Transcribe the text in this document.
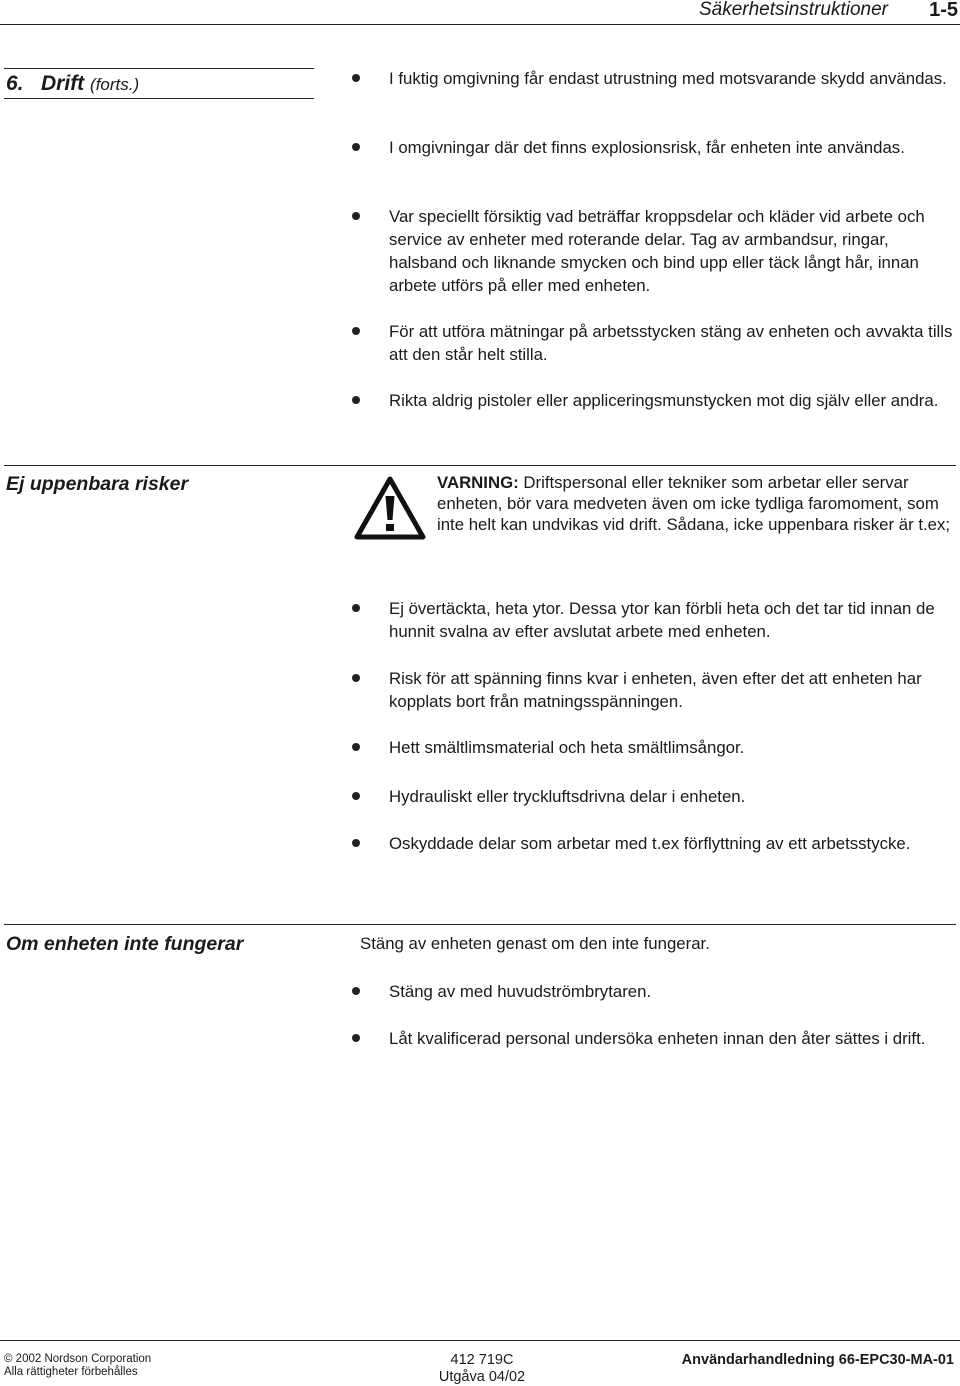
Säkerhetsinstruktioner 1-5
6.   Drift (forts.)	I fuktig omgivning får endast utrustning med motsvarande skydd användas.
I omgivningar där det finns explosionsrisk, får enheten inte användas.
Var speciellt försiktig vad beträffar kroppsdelar och kläder vid arbete och service av enheter med roterande delar. Tag av armbandsur, ringar, halsband och liknande smycken och bind upp eller täck långt hår, innan arbete utförs på eller med enheten.
För att utföra mätningar på arbetsstycken stäng av enheten och avvakta tills att den står helt stilla.
Rikta aldrig pistoler eller appliceringsmunstycken mot dig själv eller andra.
Ej uppenbara risker	VARNING: Driftspersonal eller tekniker som arbetar eller servar enheten, bör vara medveten även om icke tydliga faromoment, som inte helt kan undvikas vid drift. Sådana, icke uppenbara risker är t.ex;
Ej övertäckta, heta ytor. Dessa ytor kan förbli heta och det tar tid innan de hunnit svalna av efter avslutat arbete med enheten.
Risk för att spänning finns kvar i enheten, även efter det att enheten har kopplats bort från matningsspänningen.
Hett smältlimsmaterial och heta smältlimsångor.
Hydrauliskt eller tryckluftsdrivna delar i enheten.
Oskyddade delar som arbetar med t.ex förflyttning av ett arbetsstycke.
Om enheten inte fungerar	Stäng av enheten genast om den inte fungerar.
Stäng av med huvudströmbrytaren.
Låt kvalificerad personal undersöka enheten innan den åter sättes i drift.
© 2002 Nordson Corporation
Alla rättigheter förbehålles
412 719C
Utgåva 04/02
Användarhandledning 66-EPC30-MA-01
